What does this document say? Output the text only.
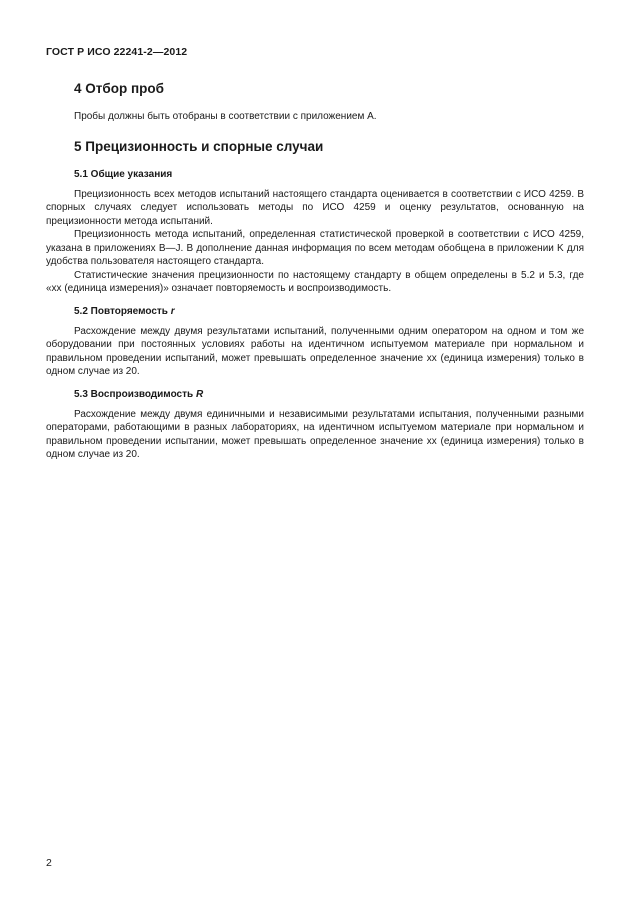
ГОСТ Р ИСО 22241-2—2012
4 Отбор проб

Пробы должны быть отобраны в соответствии с приложением А.

5 Прецизионность и спорные случаи
5.1 Общие указания

Прецизионность всех методов испытаний настоящего стандарта оценивается в соответствии с ИСО 4259. В спорных случаях следует использовать методы по ИСО 4259 и оценку результатов, основанную на прецизионности метода испытаний.

Прецизионность метода испытаний, определенная статистической проверкой в соответствии с ИСО 4259, указана в приложениях B—J. В дополнение данная информация по всем методам обобщена в приложении K для удобства пользователя настоящего стандарта.

Статистические значения прецизионности по настоящему стандарту в общем определены в 5.2 и 5.3, где «хх (единица измерения)» означает повторяемость и воспроизводимость.

5.2 Повторяемость r

Расхождение между двумя результатами испытаний, полученными одним оператором на одном и том же оборудовании при постоянных условиях работы на идентичном испытуемом материале при нормальном и правильном проведении испытаний, может превышать определенное значение хх (единица измерения) только в одном случае из 20.

5.3 Воспроизводимость R

Расхождение между двумя единичными и независимыми результатами испытания, полученными разными операторами, работающими в разных лабораториях, на идентичном испытуемом материале при нормальном и правильном проведении испытании, может превышать определенное значение хх (единица измерения) только в одном случае из 20.

2
